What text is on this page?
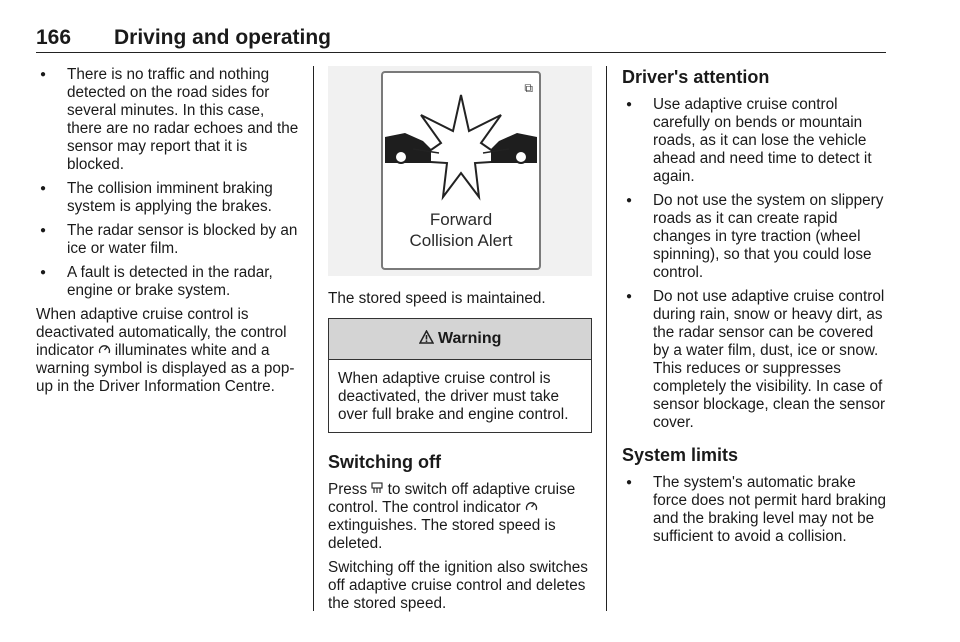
166 Driving and operating
● There is no traffic and nothing detected on the road sides for several minutes. In this case, there are no radar echoes and the sensor may report that it is blocked.
● The collision imminent braking system is applying the brakes.
● The radar sensor is blocked by an ice or water film.
● A fault is detected in the radar, engine or brake system.

When adaptive cruise control is deactivated automatically, the control indicator illuminates white and a warning symbol is displayed as a pop-up in the Driver Information Centre.

⧉
Forward
Collision Alert

The stored speed is maintained.

Warning
When adaptive cruise control is deactivated, the driver must take over full brake and engine control.
Switching off

Press to switch off adaptive cruise control. The control indicator  extinguishes. The stored speed is deleted.

Switching off the ignition also switches off adaptive cruise control and deletes the stored speed.

Driver's attention
● Use adaptive cruise control carefully on bends or mountain roads, as it can lose the vehicle ahead and need time to detect it again.
● Do not use the system on slippery roads as it can create rapid changes in tyre traction (wheel spinning), so that you could lose control.
● Do not use adaptive cruise control during rain, snow or heavy dirt, as the radar sensor can be covered by a water film, dust, ice or snow. This reduces or suppresses completely the visibility. In case of sensor blockage, clean the sensor cover.
System limits
● The system's automatic brake force does not permit hard braking and the braking level may not be sufficient to avoid a collision.
